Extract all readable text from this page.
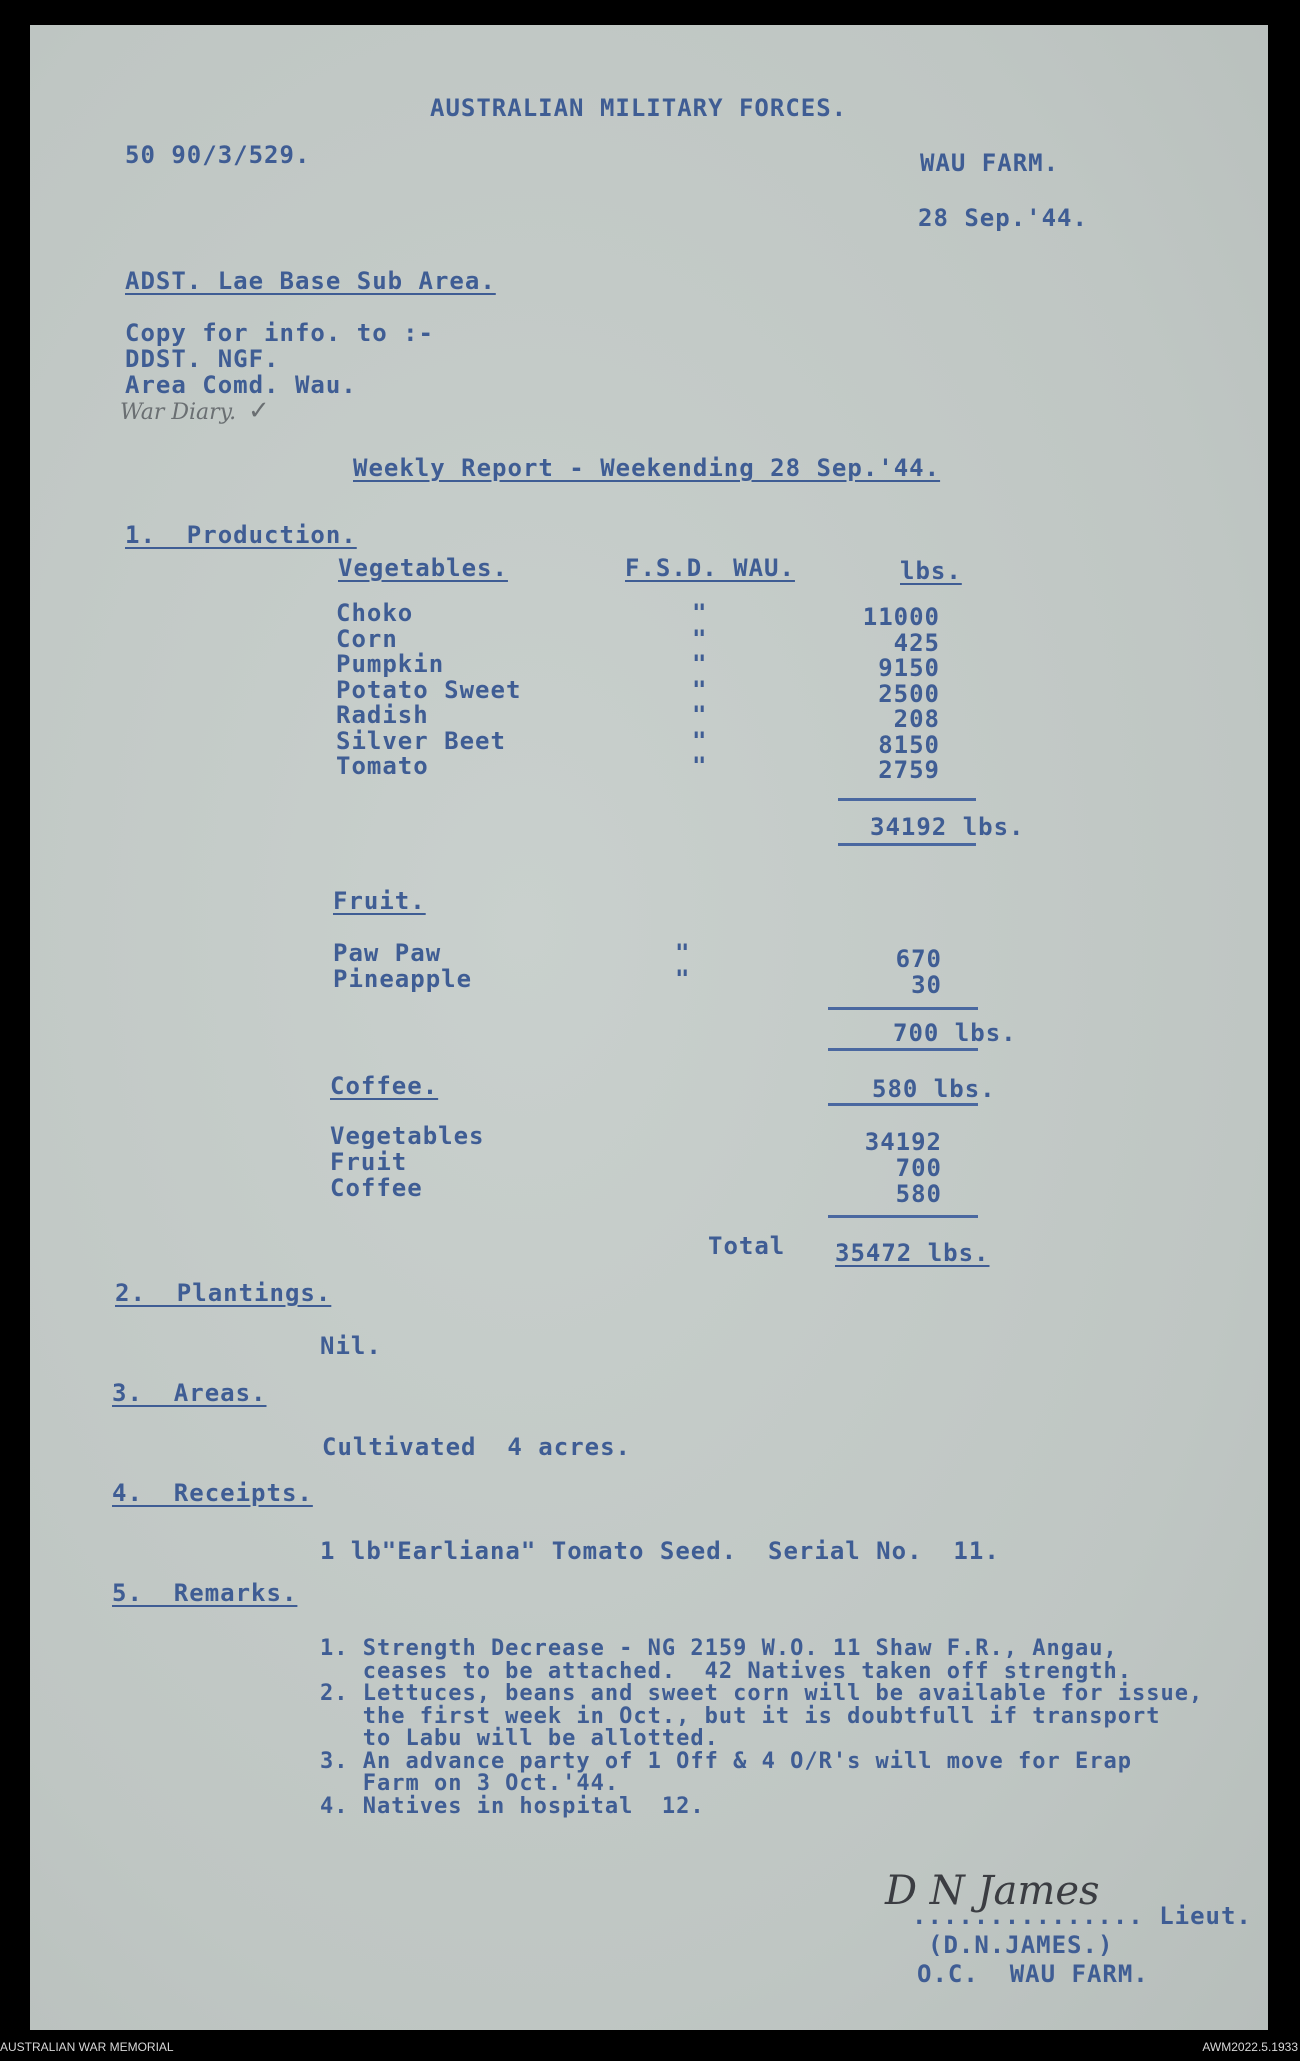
AUSTRALIAN MILITARY FORCES.
50 90/3/529.	WAU FARM.
28 Sep.'44.
ADST. Lae Base Sub Area.
Copy for info. to :-
DDST. NGF.
Area Comd. Wau.
War Diary. ✓
Weekly Report - Weekending 28 Sep.'44.
1.  Production.
Vegetables.	F.S.D. WAU.	lbs.
34192 lbs.
Fruit.
700 lbs.
Coffee.	580 lbs.
Total 35472 lbs.
2.  Plantings.
Nil.
3.  Areas.
Cultivated  4 acres.
4.  Receipts.
1 lb"Earliana" Tomato Seed.  Serial No.  11.
5.  Remarks.
D N James
............... Lieut.
(D.N.JAMES.)
O.C.  WAU FARM.
AUSTRALIAN WAR MEMORIAL	AWM2022.5.1933
Choko	"	11000
Corn	"	425
Pumpkin	"	9150
Potato Sweet	"	2500
Radish	"	208
Silver Beet	"	8150
Tomato	"	2759
Paw Paw	"	670
Pineapple	"	30
Vegetables	34192
Fruit	700
Coffee	580
1. Strength Decrease - NG 2159 W.O. 11 Shaw F.R., Angau,
ceases to be attached.  42 Natives taken off strength.
2. Lettuces, beans and sweet corn will be available for issue,
the first week in Oct., but it is doubtfull if transport
to Labu will be allotted.
3. An advance party of 1 Off & 4 O/R's will move for Erap
Farm on 3 Oct.'44.
4. Natives in hospital  12.
